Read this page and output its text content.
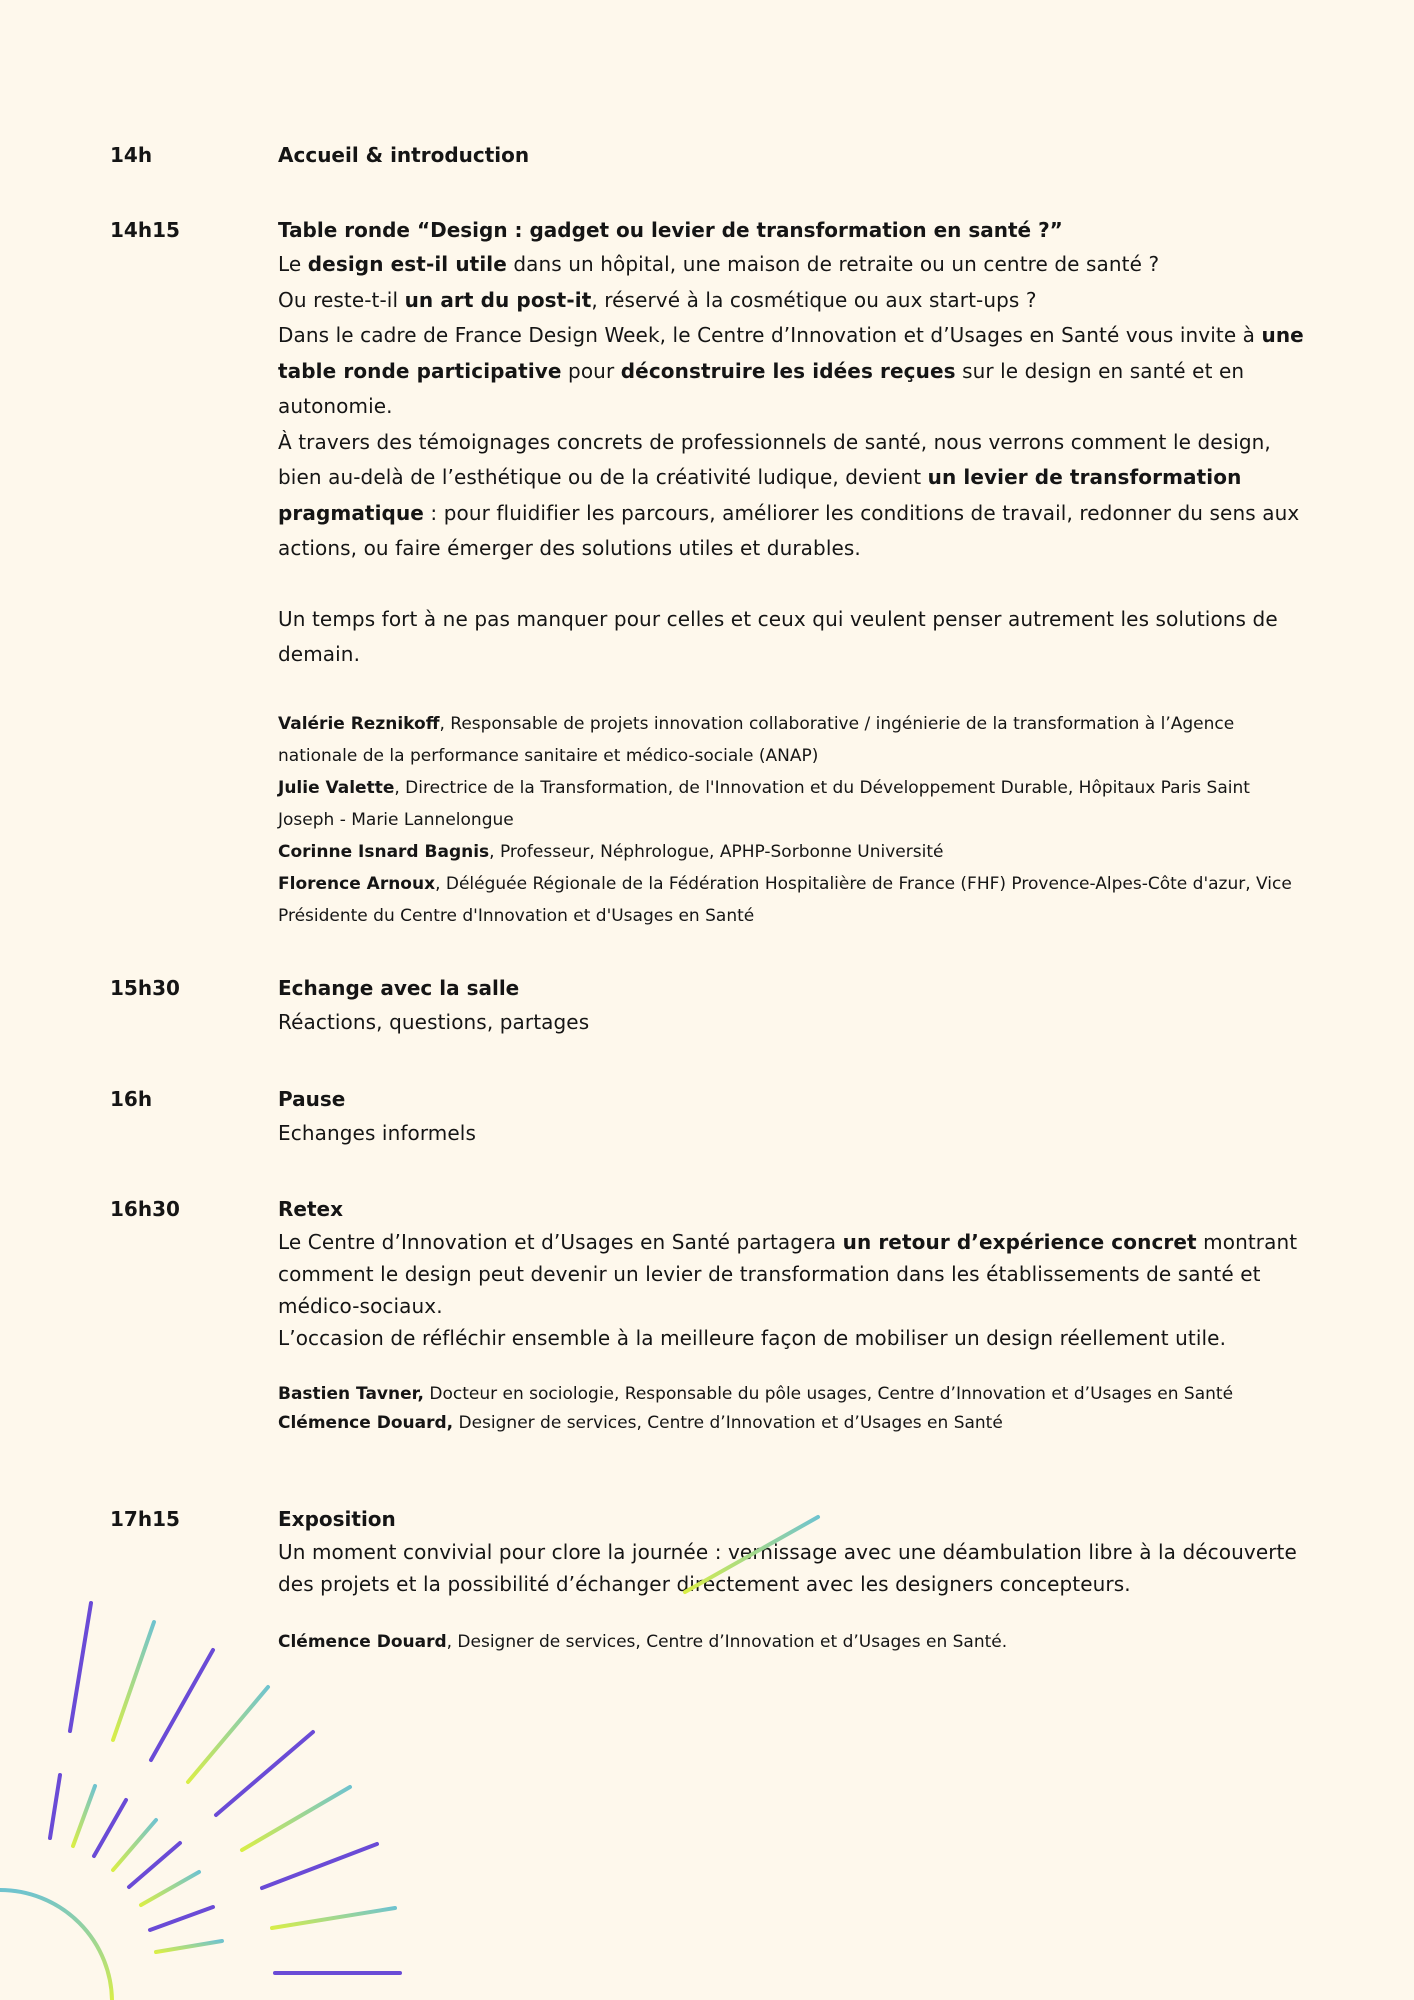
14h	Accueil & introduction
14h15	Table ronde “Design : gadget ou levier de transformation en santé ?”

Le design est-il utile dans un hôpital, une maison de retraite ou un centre de santé ?

Ou reste-t-il un art du post-it, réservé à la cosmétique ou aux start-ups ?

Dans le cadre de France Design Week, le Centre d’Innovation et d’Usages en Santé vous invite à une table ronde participative pour déconstruire les idées reçues sur le design en santé et en autonomie.

À travers des témoignages concrets de professionnels de santé, nous verrons comment le design, bien au-delà de l’esthétique ou de la créativité ludique, devient un levier de transformation pragmatique : pour fluidifier les parcours, améliorer les conditions de travail, redonner du sens aux actions, ou faire émerger des solutions utiles et durables.

Un temps fort à ne pas manquer pour celles et ceux qui veulent penser autrement les solutions de demain.

Valérie Reznikoff, Responsable de projets innovation collaborative / ingénierie de la transformation à l’Agence nationale de la performance sanitaire et médico-sociale (ANAP)

Julie Valette, Directrice de la Transformation, de l'Innovation et du Développement Durable, Hôpitaux Paris Saint Joseph - Marie Lannelongue

Corinne Isnard Bagnis, Professeur, Néphrologue, APHP-Sorbonne Université

Florence Arnoux, Déléguée Régionale de la Fédération Hospitalière de France (FHF) Provence-Alpes-Côte d'azur, Vice Présidente du Centre d'Innovation et d'Usages en Santé

15h30	Echange avec la salle
Réactions, questions, partages
16h	Pause
Echanges informels
16h30	Retex

Le Centre d’Innovation et d’Usages en Santé partagera un retour d’expérience concret montrant comment le design peut devenir un levier de transformation dans les établissements de santé et médico-sociaux.

L’occasion de réfléchir ensemble à la meilleure façon de mobiliser un design réellement utile.

Bastien Tavner, Docteur en sociologie, Responsable du pôle usages, Centre d’Innovation et d’Usages en Santé

Clémence Douard, Designer de services, Centre d’Innovation et d’Usages en Santé

17h15	Exposition
Un moment convivial pour clore la journée : vernissage avec une déambulation libre à la découverte des projets et la possibilité d’échanger directement avec les designers concepteurs.

Clémence Douard, Designer de services, Centre d’Innovation et d’Usages en Santé.
